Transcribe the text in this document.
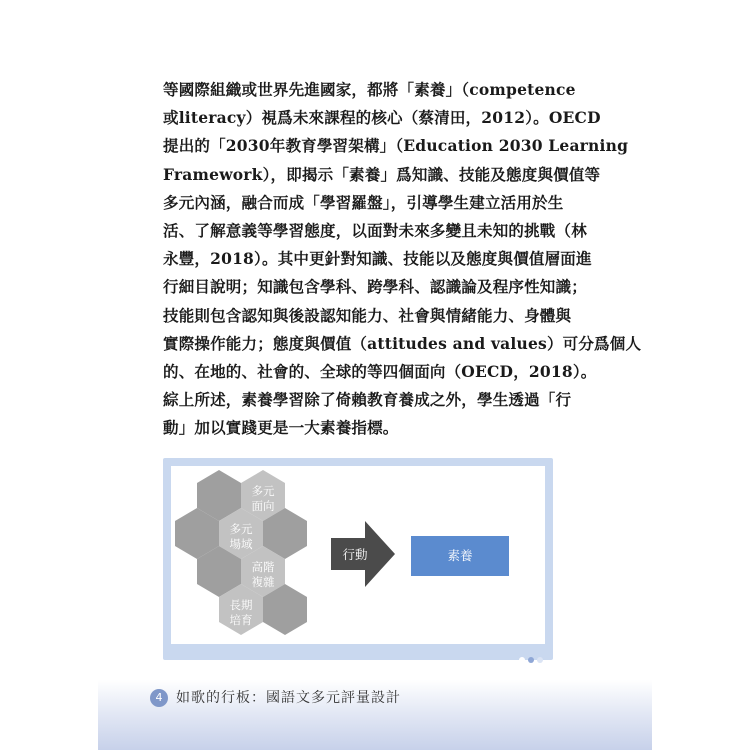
等國際組織或世界先進國家，都將「素養」（competence
或literacy）視爲未來課程的核心（蔡清田，2012）。OECD
提出的「2030年教育學習架構」（Education 2030 Learning
Framework），即揭示「素養」爲知識、技能及態度與價值等
多元內涵，融合而成「學習羅盤」，引導學生建立活用於生
活、了解意義等學習態度，以面對未來多變且未知的挑戰（林
永豐，2018）。其中更針對知識、技能以及態度與價值層面進
行細目說明；知識包含學科、跨學科、認識論及程序性知識；
技能則包含認知與後設認知能力、社會與情緒能力、身體與
實際操作能力；態度與價值（attitudes and values）可分爲個人
的、在地的、社會的、全球的等四個面向（OECD，2018）。
綜上所述，素養學習除了倚賴教育養成之外，學生透過「行
動」加以實踐更是一大素養指標。
多元
面向
多元
場域
高階
複雜
長期
培育
行動	素養
4 如歌的行板：國語文多元評量設計
